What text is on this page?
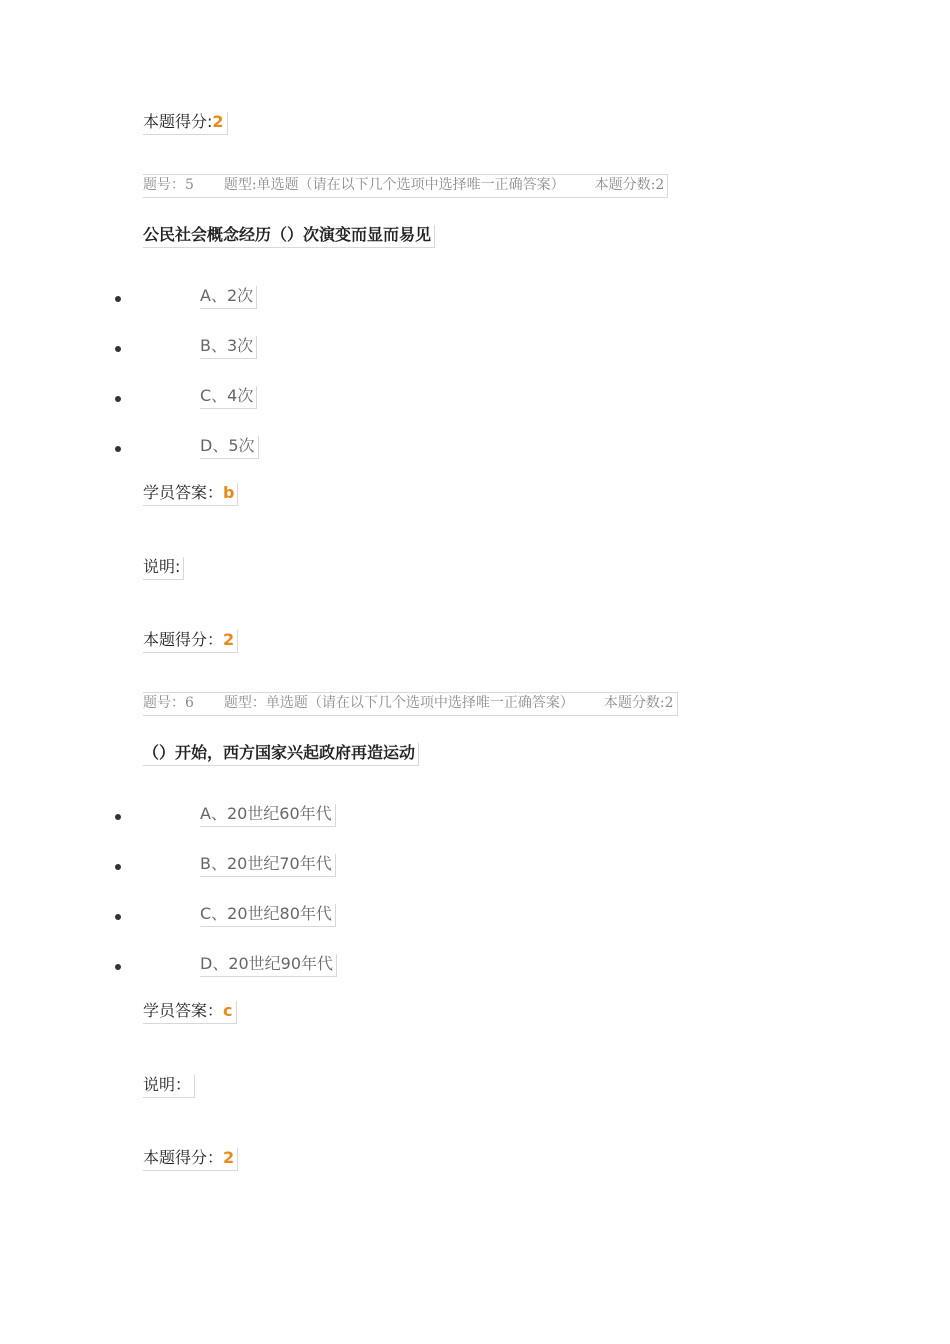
本题得分:2
题号：5 题型:单选题（请在以下几个选项中选择唯一正确答案） 本题分数:2
公民社会概念经历（）次演变而显而易见
A、2次
B、3次
C、4次
D、5次
学员答案：b
说明:
本题得分：2
题号：6 题型：单选题（请在以下几个选项中选择唯一正确答案） 本题分数:2
（）开始，西方国家兴起政府再造运动
A、20世纪60年代
B、20世纪70年代
C、20世纪80年代
D、20世纪90年代
学员答案：c
说明：
本题得分：2
